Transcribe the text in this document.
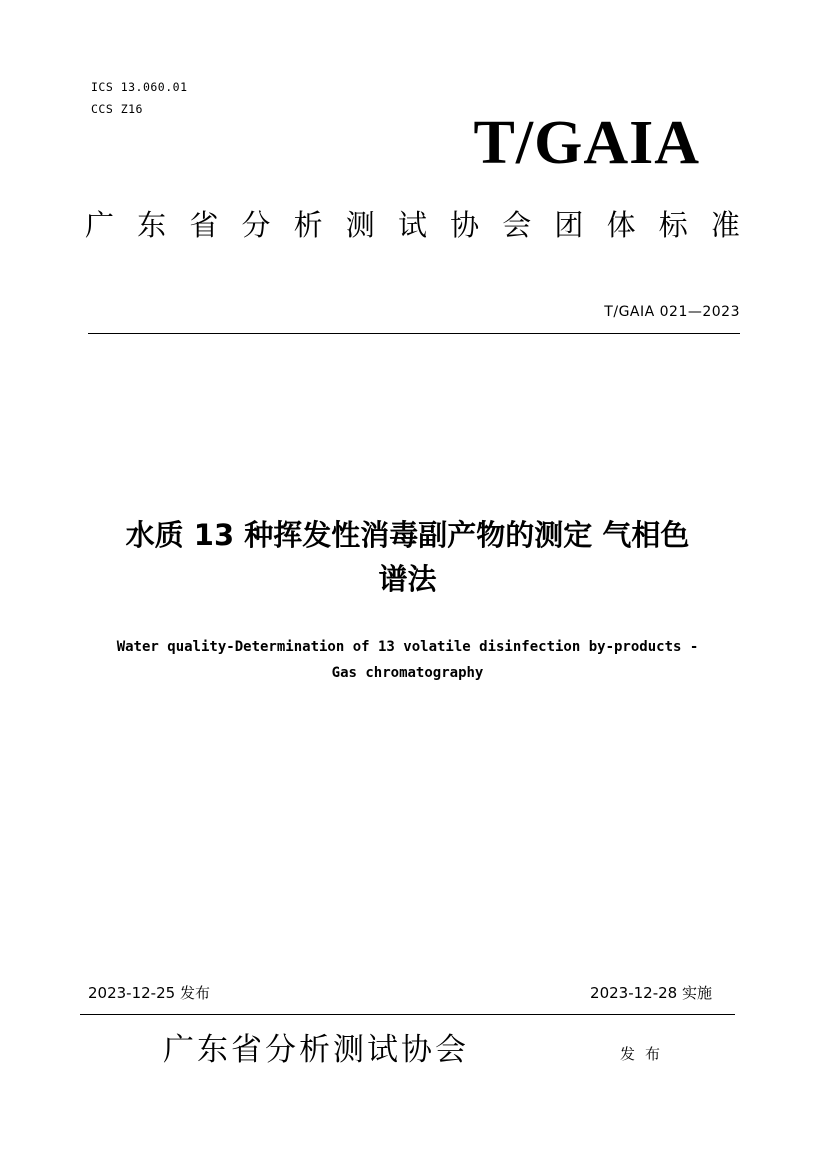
ICS 13.060.01
CCS Z16	T/GAIA
广 东 省 分 析 测 试 协 会 团 体 标 准
T/GAIA 021—2023
水质 13 种挥发性消毒副产物的测定 气相色
谱法
Water quality-Determination of 13 volatile disinfection by-products -
Gas chromatography
2023-12-25 发布	2023-12-28 实施
广东省分析测试协会	发布
